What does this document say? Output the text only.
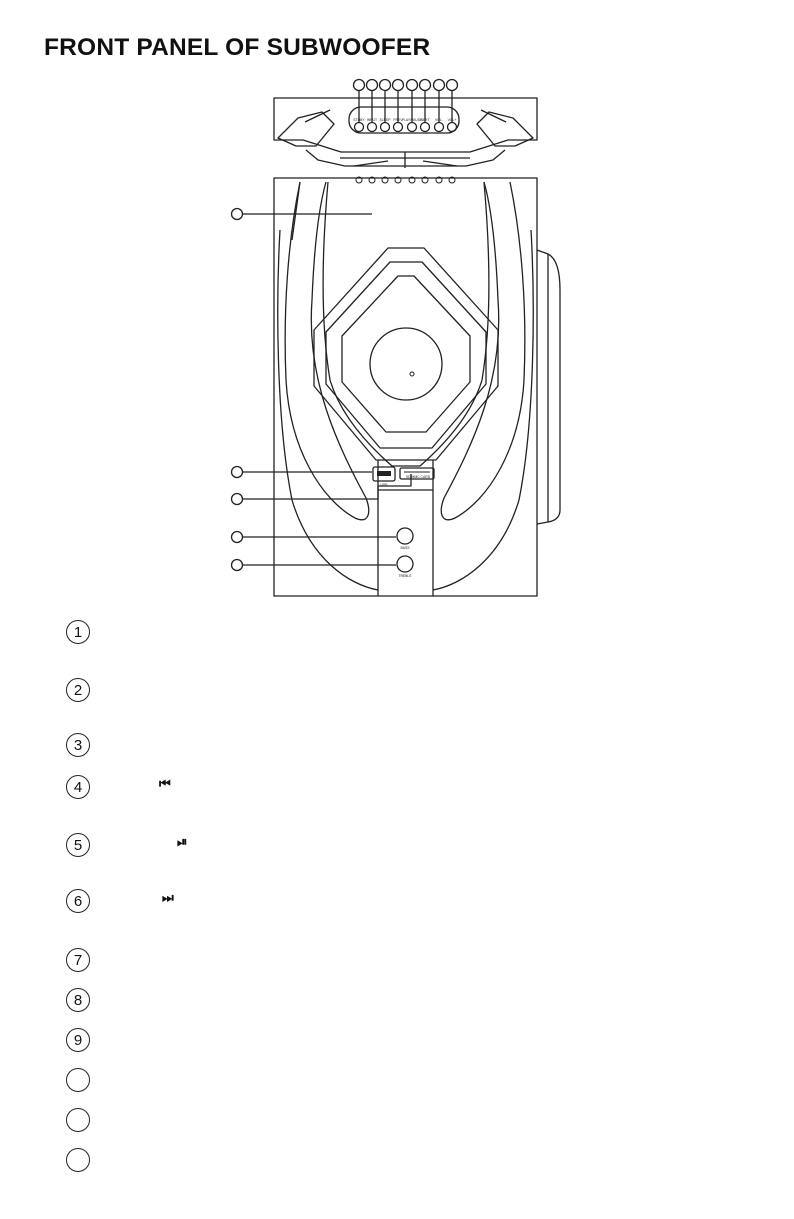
FRONT PANEL OF SUBWOOFER
STDBY INPUT SLEEP PREV PLAY/PAUSE
NEXT VOL- VOL+
USB
SD/MMC CARD
BASS
TREBLE
1
2
3
4	⏮
5	⏯
6	⏭
7
8
9
